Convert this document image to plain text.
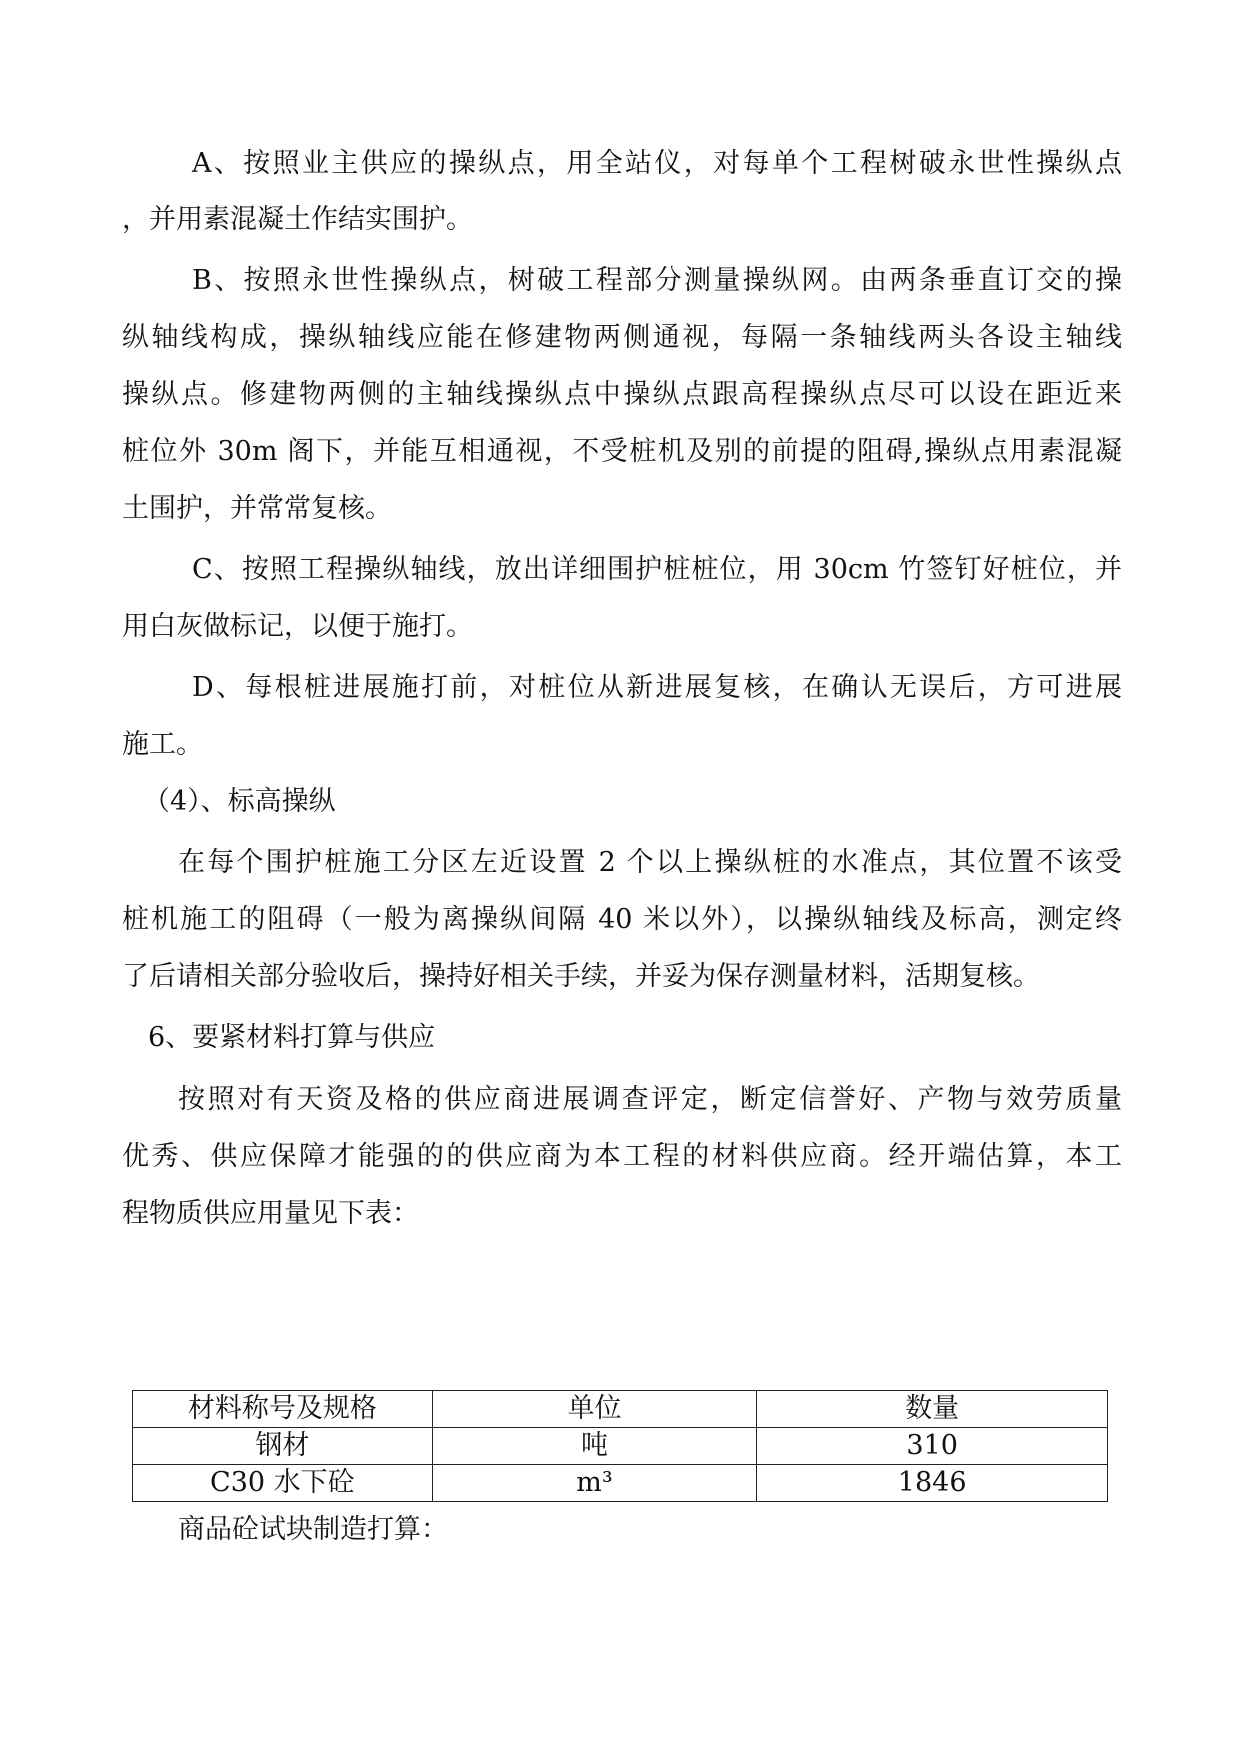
A、按照业主供应的操纵点，用全站仪，对每单个工程树破永世性操纵点
，并用素混凝土作结实围护。
B、按照永世性操纵点，树破工程部分测量操纵网。由两条垂直订交的操
纵轴线构成，操纵轴线应能在修建物两侧通视，每隔一条轴线两头各设主轴线
操纵点。修建物两侧的主轴线操纵点中操纵点跟高程操纵点尽可以设在距近来
桩位外 30m 阁下，并能互相通视，不受桩机及别的前提的阻碍,操纵点用素混凝
土围护，并常常复核。
C、按照工程操纵轴线，放出详细围护桩桩位，用 30cm 竹签钉好桩位，并
用白灰做标记，以便于施打。
D、每根桩进展施打前，对桩位从新进展复核，在确认无误后，方可进展
施工。
（4）、标高操纵
在每个围护桩施工分区左近设置 2 个以上操纵桩的水准点，其位置不该受
桩机施工的阻碍（一般为离操纵间隔 40 米以外），以操纵轴线及标高，测定终
了后请相关部分验收后，操持好相关手续，并妥为保存测量材料，活期复核。
6、要紧材料打算与供应
按照对有天资及格的供应商进展调查评定，断定信誉好、产物与效劳质量
优秀、供应保障才能强的的供应商为本工程的材料供应商。经开端估算，本工
程物质供应用量见下表：
材料称号及规格	单位	数量
钢材	吨	310
C30 水下砼	m³	1846
商品砼试块制造打算：
